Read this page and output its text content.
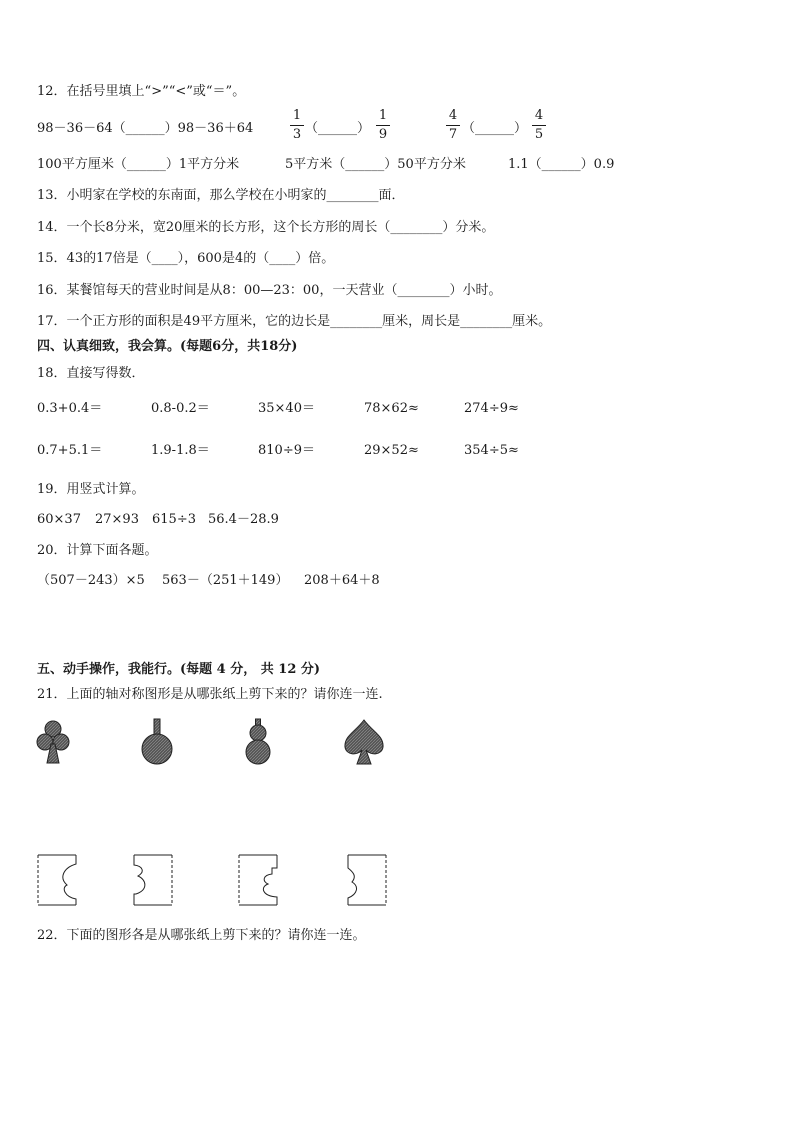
12．在括号里填上“>”“<”或“＝”。
98－36－64（______）98－36＋64	$\frac{1}{3}$ （______） $\frac{1}{9}$	$\frac{4}{7}$ （______） $\frac{4}{5}$
100平方厘米（______）1平方分米	5平方米（______）50平方分米	1.1（______）0.9
13．小明家在学校的东南面，那么学校在小明家的________面．
14．一个长8分米，宽20厘米的长方形，这个长方形的周长（________）分米。
15．43的17倍是（____），600是4的（____）倍。
16．某餐馆每天的营业时间是从8：00—23：00，一天营业（________）小时。
17．一个正方形的面积是49平方厘米，它的边长是________厘米，周长是________厘米。
四、认真细致，我会算。(每题6分，共18分)
18．直接写得数．
0.3+0.4＝	0.8-0.2＝	35×40＝	78×62≈	274÷9≈
0.7+5.1＝	1.9-1.8＝	810÷9＝	29×52≈	354÷5≈
19．用竖式计算。
60×37 27×93 615÷3 56.4－28.9
20．计算下面各题。
（507－243）×5 563－（251＋149） 208＋64＋8
五、动手操作，我能行。(每题 4 分， 共 12 分)
21．上面的轴对称图形是从哪张纸上剪下来的？请你连一连.
22．下面的图形各是从哪张纸上剪下来的？请你连一连。
